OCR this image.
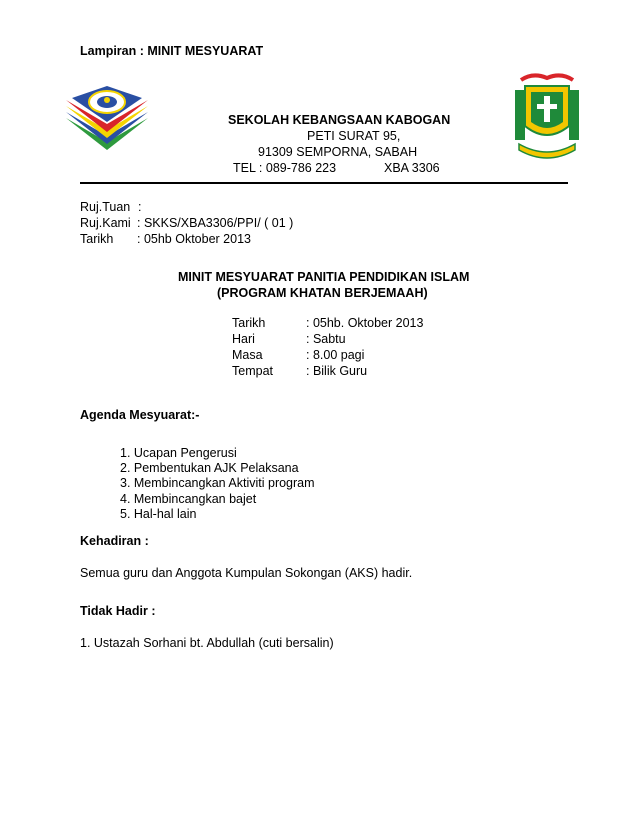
Lampiran : MINIT MESYUARAT
SEKOLAH KEBANGSAAN KABOGAN
PETI SURAT 95,
91309 SEMPORNA, SABAH
TEL : 089-786 223	XBA 3306
Ruj.Tuan :
Ruj.Kami : SKKS/XBA3306/PPI/ ( 01 )
Tarikh : 05hb Oktober 2013
MINIT MESYUARAT PANITIA PENDIDIKAN ISLAM
(PROGRAM KHATAN BERJEMAAH)
Tarikh	: 05hb. Oktober 2013
Hari	: Sabtu
Masa	: 8.00 pagi
Tempat	: Bilik Guru
Agenda Mesyuarat:-
1. Ucapan Pengerusi
2. Pembentukan AJK Pelaksana
3. Membincangkan Aktiviti program
4. Membincangkan bajet
5. Hal-hal lain
Kehadiran :
Semua guru dan Anggota Kumpulan Sokongan (AKS) hadir.
Tidak Hadir :
1. Ustazah Sorhani bt. Abdullah (cuti bersalin)
